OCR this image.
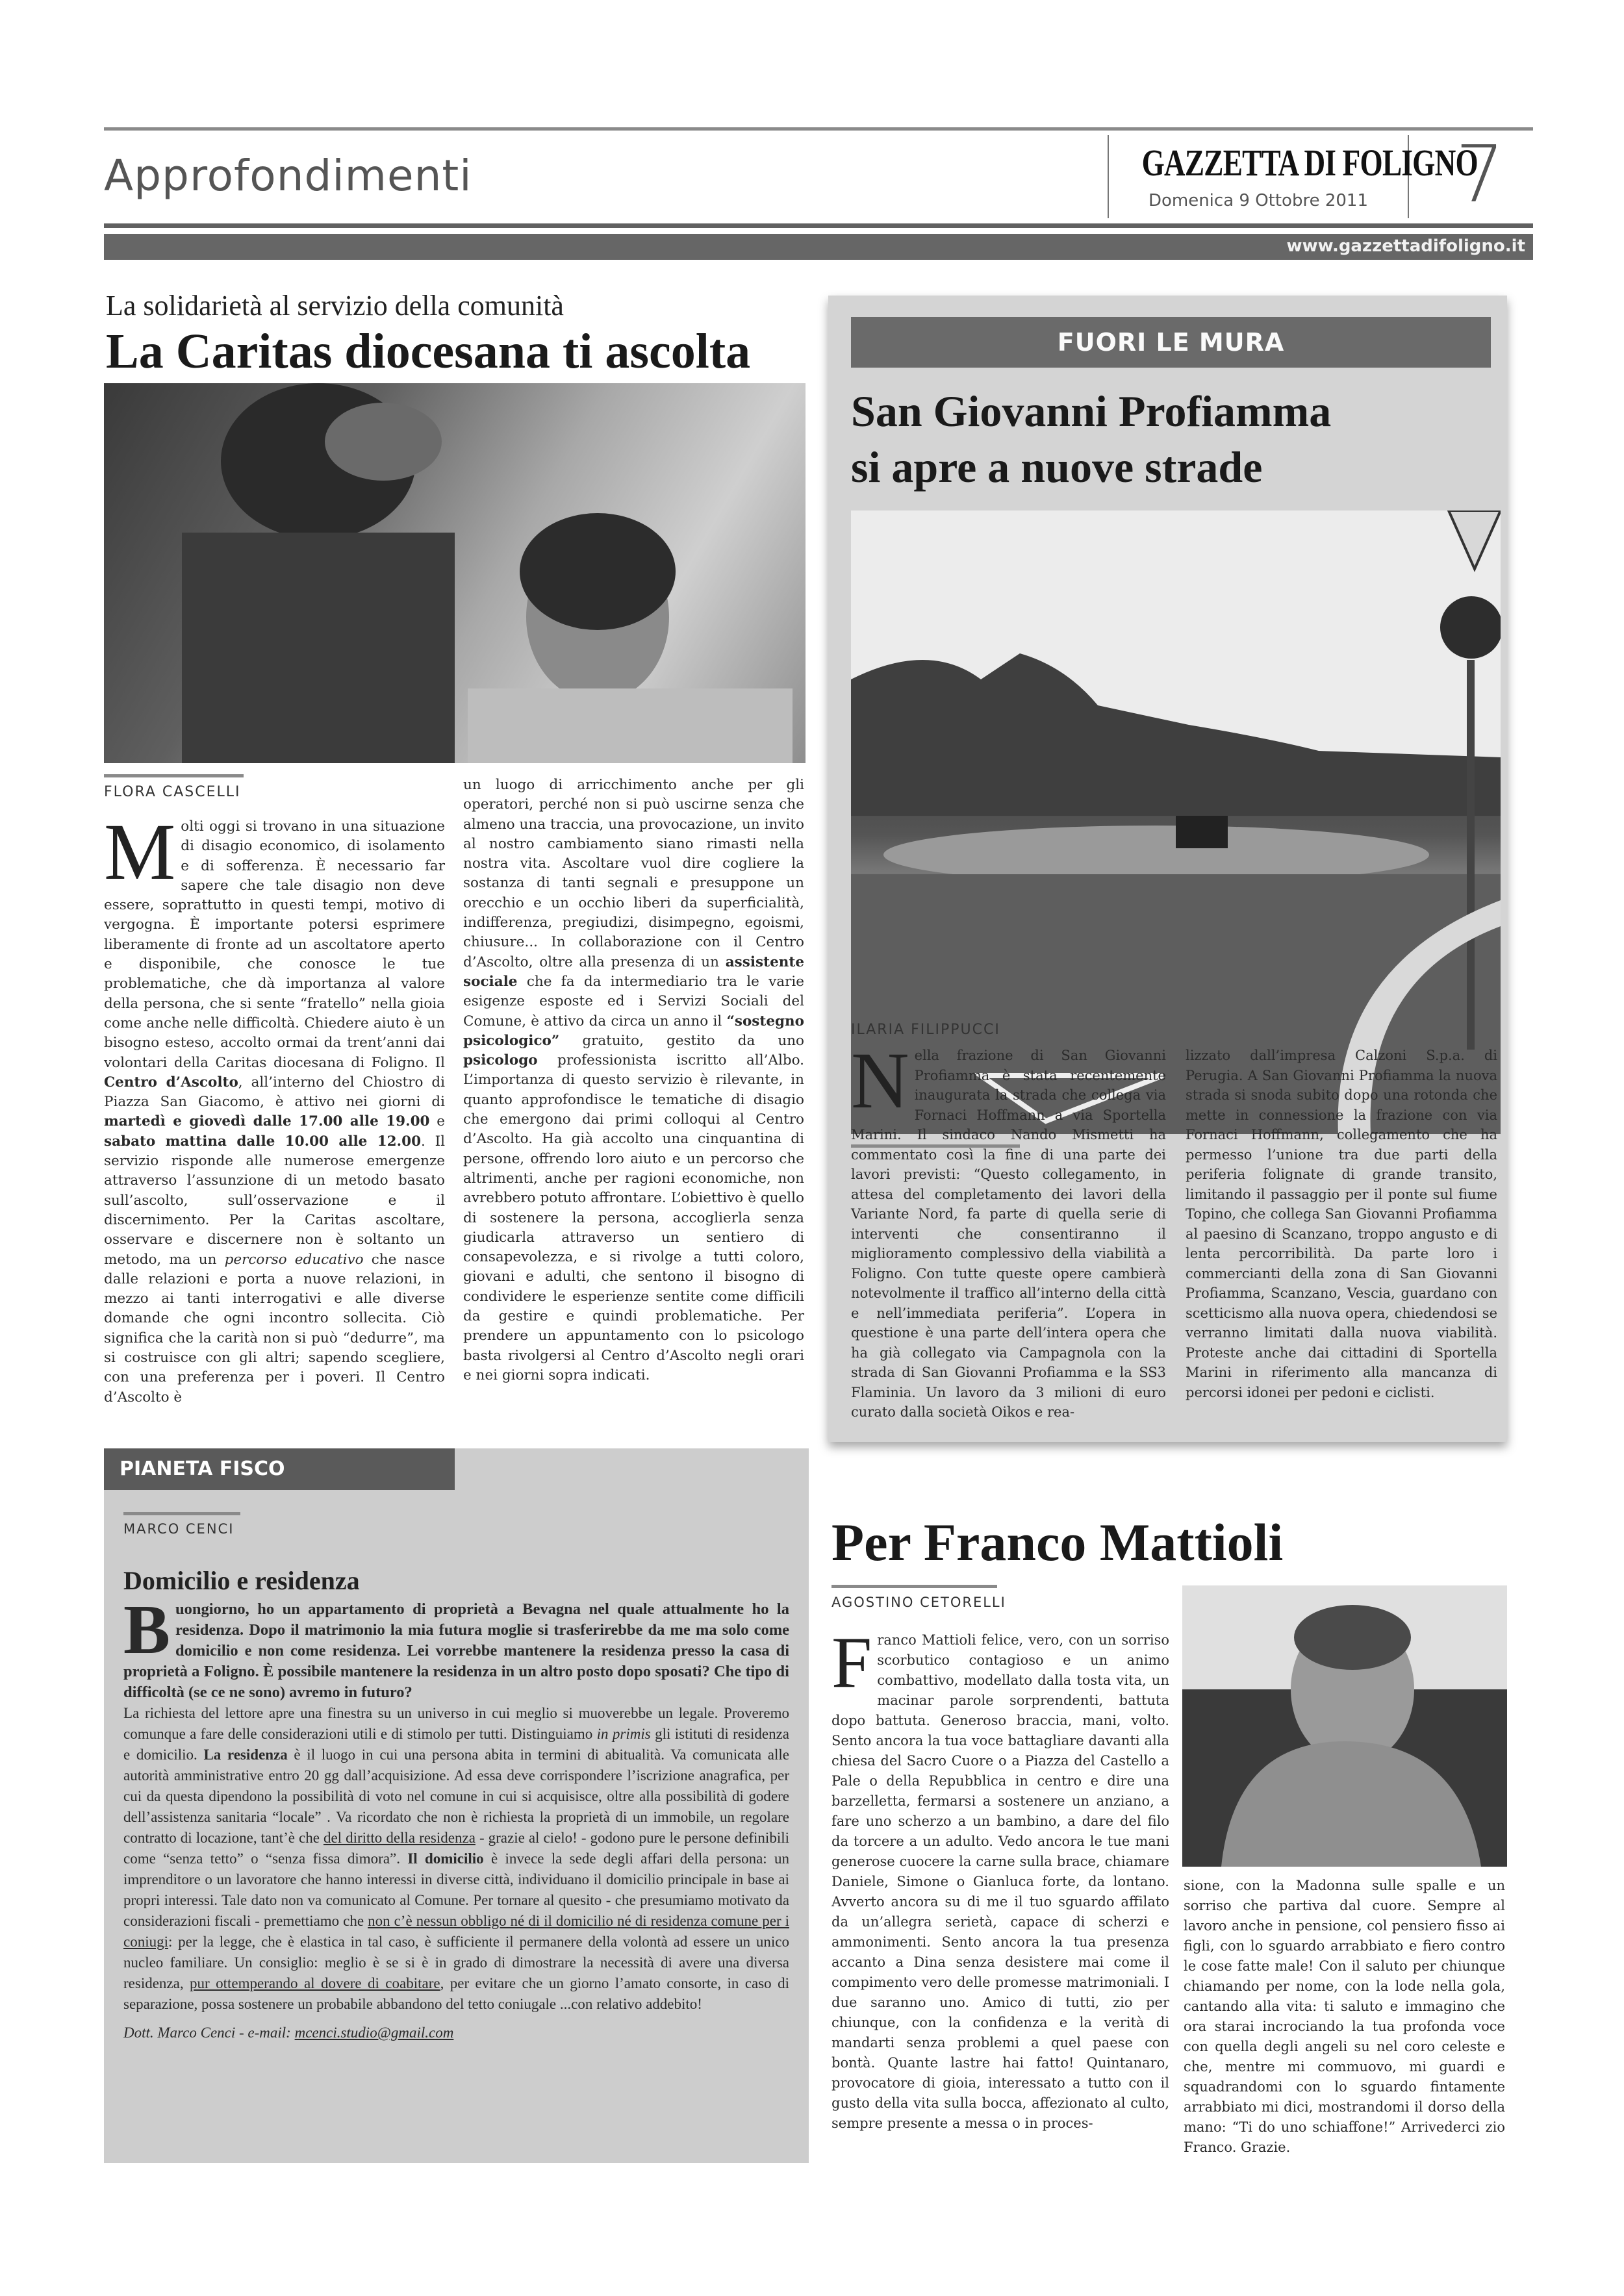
Approfondimenti	GAZZETTA DI FOLIGNO
Domenica 9 Ottobre 2011	7
www.gazzettadifoligno.it
La solidarietà al servizio della comunità
La Caritas diocesana ti ascolta
FLORA CASCELLI
Molti oggi si trovano in una situazione di disagio economico, di isolamento e di sofferenza. È necessario far sapere che tale disagio non deve essere, soprattutto in questi tempi, motivo di vergogna. È importante potersi esprimere liberamente di fronte ad un ascoltatore aperto e disponibile, che conosce le tue problematiche, che dà importanza al valore della persona, che si sente “fratello” nella gioia come anche nelle difficoltà. Chiedere aiuto è un bisogno esteso, accolto ormai da trent’anni dai volontari della Caritas diocesana di Foligno. Il Centro d’Ascolto, all’interno del Chiostro di Piazza San Giacomo, è attivo nei giorni di martedì e giovedì dalle 17.00 alle 19.00 e sabato mattina dalle 10.00 alle 12.00. Il servizio risponde alle numerose emergenze attraverso l’assunzione di un metodo basato sull’ascolto, sull’osservazione e il discernimento. Per la Caritas ascoltare, osservare e discernere non è soltanto un metodo, ma un percorso educativo che nasce dalle relazioni e porta a nuove relazioni, in mezzo ai tanti interrogativi e alle diverse domande che ogni incontro sollecita. Ciò significa che la carità non si può “dedurre”, ma si costruisce con gli altri; sapendo scegliere, con una preferenza per i poveri. Il Centro d’Ascolto è
un luogo di arricchimento anche per gli operatori, perché non si può uscirne senza che almeno una traccia, una provocazione, un invito al nostro cambiamento siano rimasti nella nostra vita. Ascoltare vuol dire cogliere la sostanza di tanti segnali e presuppone un orecchio e un occhio liberi da superficialità, indifferenza, pregiudizi, disimpegno, egoismi, chiusure... In collaborazione con il Centro d’Ascolto, oltre alla presenza di un assistente sociale che fa da intermediario tra le varie esigenze esposte ed i Servizi Sociali del Comune, è attivo da circa un anno il “sostegno psicologico” gratuito, gestito da uno psicologo professionista iscritto all’Albo. L’importanza di questo servizio è rilevante, in quanto approfondisce le tematiche di disagio che emergono dai primi colloqui al Centro d’Ascolto. Ha già accolto una cinquantina di persone, offrendo loro aiuto e un percorso che altrimenti, anche per ragioni economiche, non avrebbero potuto affrontare. L’obiettivo è quello di sostenere la persona, accoglierla senza giudicarla attraverso un sentiero di consapevolezza, e si rivolge a tutti coloro, giovani e adulti, che sentono il bisogno di condividere le esperienze sentite come difficili da gestire e quindi problematiche. Per prendere un appuntamento con lo psicologo basta rivolgersi al Centro d’Ascolto negli orari e nei giorni sopra indicati.
FUORI LE MURA
San Giovanni Profiamma
si apre a nuove strade
ILARIA FILIPPUCCI
Nella frazione di San Giovanni Profiamma è stata recentemente inaugurata la strada che collega via Fornaci Hoffmann a via Sportella Marini. Il sindaco Nando Mismetti ha commentato così la fine di una parte dei lavori previsti: “Questo collegamento, in attesa del completamento dei lavori della Variante Nord, fa parte di quella serie di interventi che consentiranno il miglioramento complessivo della viabilità a Foligno. Con tutte queste opere cambierà notevolmente il traffico all’interno della città e nell’immediata periferia”. L’opera in questione è una parte dell’intera opera che ha già collegato via Campagnola con la strada di San Giovanni Profiamma e la SS3 Flaminia. Un lavoro da 3 milioni di euro curato dalla società Oikos e rea-
lizzato dall’impresa Calzoni S.p.a. di Perugia. A San Giovanni Profiamma la nuova strada si snoda subito dopo una rotonda che mette in connessione la frazione con via Fornaci Hoffmann, collegamento che ha permesso l’unione tra due parti della periferia folignate di grande transito, limitando il passaggio per il ponte sul fiume Topino, che collega San Giovanni Profiamma al paesino di Scanzano, troppo angusto e di lenta percorribilità. Da parte loro i commercianti della zona di San Giovanni Profiamma, Scanzano, Vescia, guardano con scetticismo alla nuova opera, chiedendosi se verranno limitati dalla nuova viabilità. Proteste anche dai cittadini di Sportella Marini in riferimento alla mancanza di percorsi idonei per pedoni e ciclisti.
PIANETA FISCO
MARCO CENCI
Domicilio e residenza
Buongiorno, ho un appartamento di proprietà a Bevagna nel quale attualmente ho la residenza. Dopo il matrimonio la mia futura moglie si trasferirebbe da me ma solo come domicilio e non come residenza. Lei vorrebbe mantenere la residenza presso la casa di proprietà a Foligno. È possibile mantenere la residenza in un altro posto dopo sposati? Che tipo di difficoltà (se ce ne sono) avremo in futuro?
La richiesta del lettore apre una finestra su un universo in cui meglio si muoverebbe un legale. Proveremo comunque a fare delle considerazioni utili e di stimolo per tutti. Distinguiamo in primis gli istituti di residenza e domicilio. La residenza è il luogo in cui una persona abita in termini di abitualità. Va comunicata alle autorità amministrative entro 20 gg dall’acquisizione. Ad essa deve corrispondere l’iscrizione anagrafica, per cui da questa dipendono la possibilità di voto nel comune in cui si acquisisce, oltre alla possibilità di godere dell’assistenza sanitaria “locale” . Va ricordato che non è richiesta la proprietà di un immobile, un regolare contratto di locazione, tant’è che del diritto della residenza - grazie al cielo! - godono pure le persone definibili come “senza tetto” o “senza fissa dimora”. Il domicilio è invece la sede degli affari della persona: un imprenditore o un lavoratore che hanno interessi in diverse città, individuano il domicilio principale in base ai propri interessi. Tale dato non va comunicato al Comune. Per tornare al quesito - che presumiamo motivato da considerazioni fiscali - premettiamo che non c’è nessun obbligo né di il domicilio né di residenza comune per i coniugi: per la legge, che è elastica in tal caso, è sufficiente il permanere della volontà ad essere un unico nucleo familiare. Un consiglio: meglio è se si è in grado di dimostrare la necessità di avere una diversa residenza, pur ottemperando al dovere di coabitare, per evitare che un giorno l’amato consorte, in caso di separazione, possa sostenere un probabile abbandono del tetto coniugale ...con relativo addebito!
Dott. Marco Cenci - e-mail: mcenci.studio@gmail.com
Per Franco Mattioli
AGOSTINO CETORELLI
Franco Mattioli felice, vero, con un sorriso scorbutico contagioso e un animo combattivo, modellato dalla tosta vita, un macinar parole sorprendenti, battuta dopo battuta. Generoso braccia, mani, volto. Sento ancora la tua voce battagliare davanti alla chiesa del Sacro Cuore o a Piazza del Castello a Pale o della Repubblica in centro e dire una barzelletta, fermarsi a sostenere un anziano, a fare uno scherzo a un bambino, a dare del filo da torcere a un adulto. Vedo ancora le tue mani generose cuocere la carne sulla brace, chiamare Daniele, Simone o Gianluca forte, da lontano. Avverto ancora su di me il tuo sguardo affilato da un’allegra serietà, capace di scherzi e ammonimenti. Sento ancora la tua presenza accanto a Dina senza desistere mai come il compimento vero delle promesse matrimoniali. I due saranno uno. Amico di tutti, zio per chiunque, con la confidenza e la verità di mandarti senza problemi a quel paese con bontà. Quante lastre hai fatto! Quintanaro, provocatore di gioia, interessato a tutto con il gusto della vita sulla bocca, affezionato al culto, sempre presente a messa o in proces-
sione, con la Madonna sulle spalle e un sorriso che partiva dal cuore. Sempre al lavoro anche in pensione, col pensiero fisso ai figli, con lo sguardo arrabbiato e fiero contro le cose fatte male! Con il saluto per chiunque chiamando per nome, con la lode nella gola, cantando alla vita: ti saluto e immagino che ora starai incrociando la tua profonda voce con quella degli angeli su nel coro celeste e che, mentre mi commuovo, mi guardi e squadrandomi con lo sguardo fintamente arrabbiato mi dici, mostrandomi il dorso della mano: “Ti do uno schiaffone!” Arrivederci zio Franco. Grazie.
